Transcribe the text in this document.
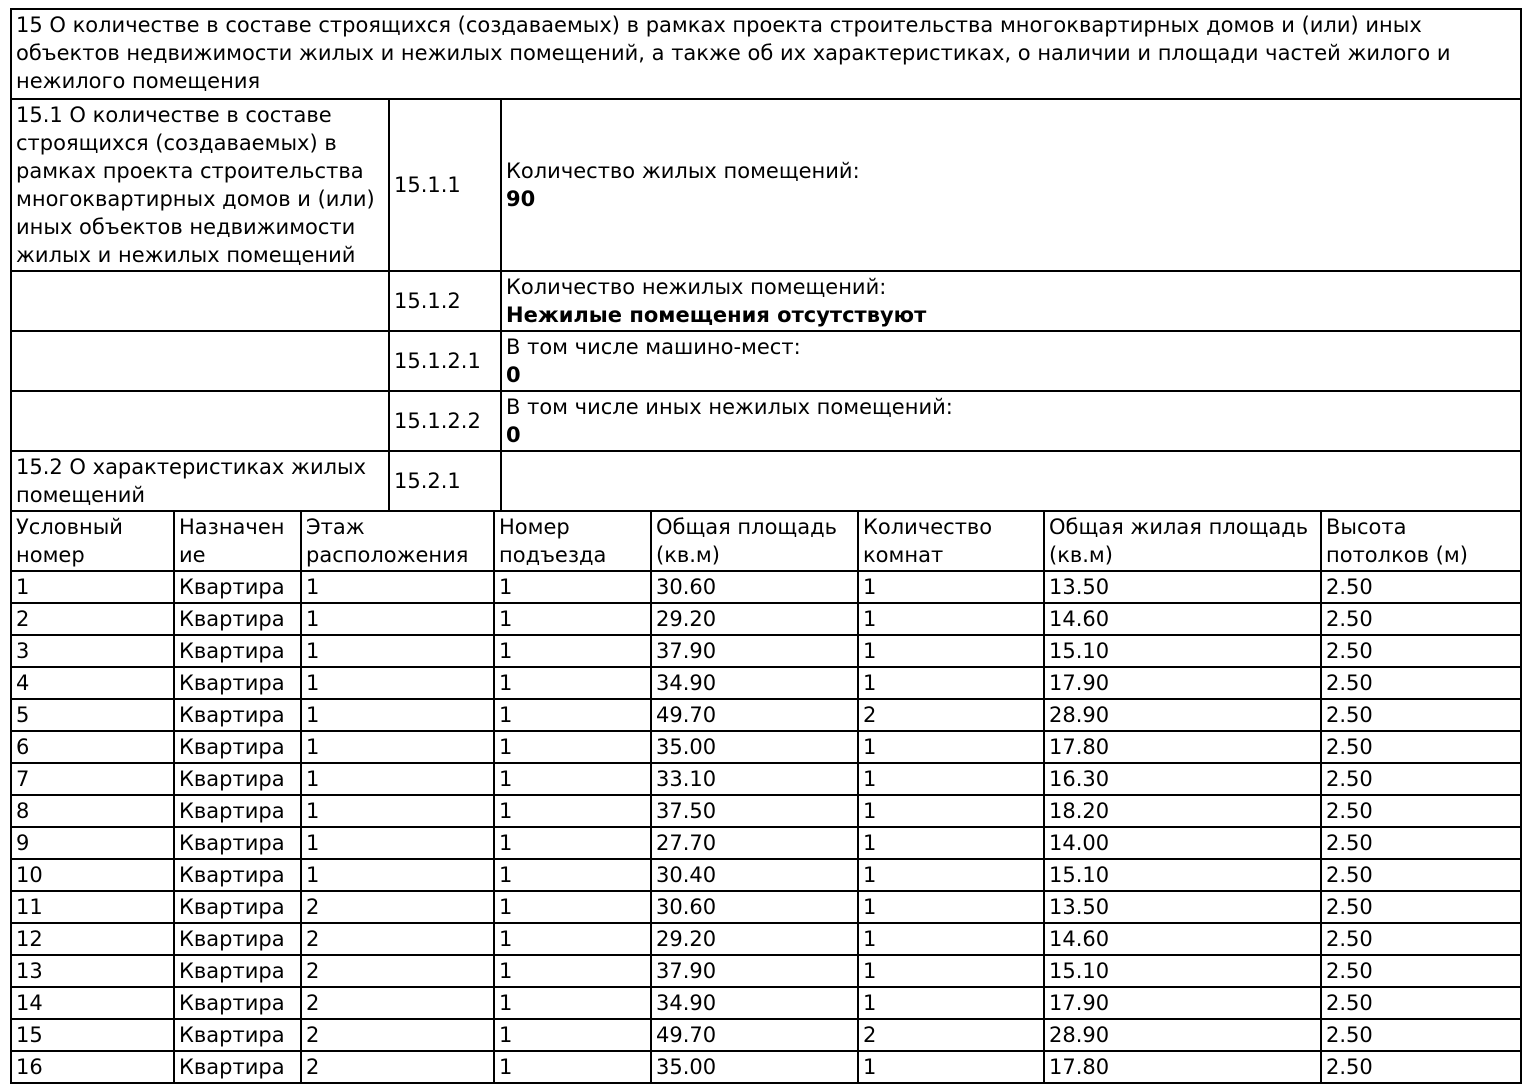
15 О количестве в составе строящихся (создаваемых) в рамках проекта строительства многоквартирных домов и (или) иных объектов недвижимости жилых и нежилых помещений, а также об их характеристиках, о наличии и площади частей жилого и нежилого помещения		
15.1 О количестве в составе строящихся (создаваемых) в рамках проекта строительства многоквартирных домов и (или) иных объектов недвижимости жилых и нежилых помещений	15.1.1	Количество жилых помещений:
90

	15.1.2	Количество нежилых помещений:
Нежилые помещения отсутствуют

	15.1.2.1	В том числе машино-мест:
0

	15.1.2.2	В том числе иных нежилых помещений:
0

15.2 О характеристиках жилых помещений	15.2.1	
Условный номер	Назначение	Этаж расположения	Номер подъезда	Общая площадь (кв.м)	Количество комнат	Общая жилая площадь (кв.м)	Высота потолков (м)
1	Квартира	1	1	30.60	1	13.50	2.50
2	Квартира	1	1	29.20	1	14.60	2.50
3	Квартира	1	1	37.90	1	15.10	2.50
4	Квартира	1	1	34.90	1	17.90	2.50
5	Квартира	1	1	49.70	2	28.90	2.50
6	Квартира	1	1	35.00	1	17.80	2.50
7	Квартира	1	1	33.10	1	16.30	2.50
8	Квартира	1	1	37.50	1	18.20	2.50
9	Квартира	1	1	27.70	1	14.00	2.50
10	Квартира	1	1	30.40	1	15.10	2.50
11	Квартира	2	1	30.60	1	13.50	2.50
12	Квартира	2	1	29.20	1	14.60	2.50
13	Квартира	2	1	37.90	1	15.10	2.50
14	Квартира	2	1	34.90	1	17.90	2.50
15	Квартира	2	1	49.70	2	28.90	2.50
16	Квартира	2	1	35.00	1	17.80	2.50
